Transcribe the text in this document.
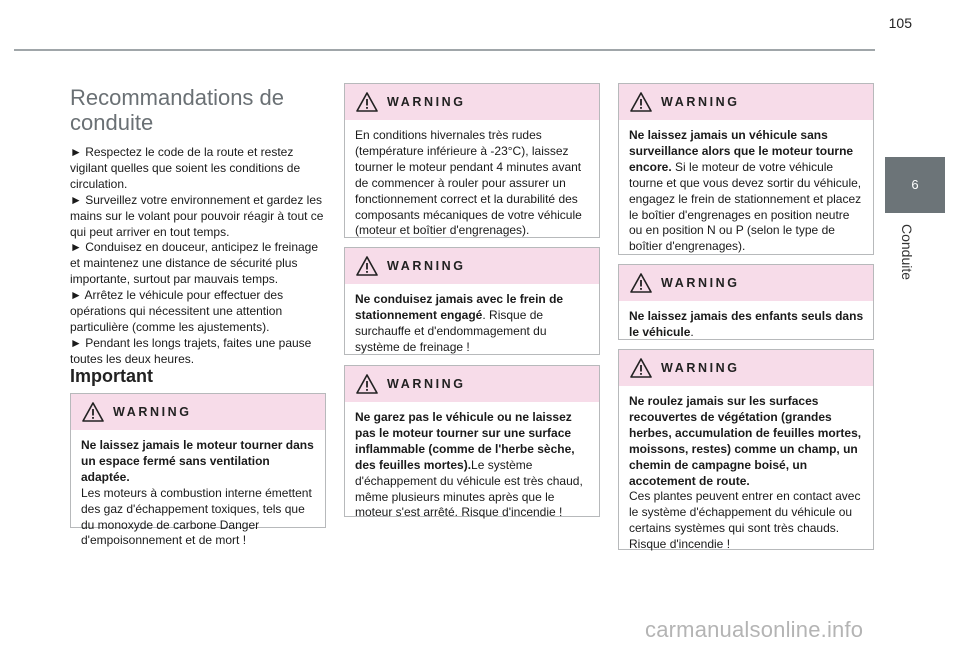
105
6
Conduite
Recommandations de conduite

► Respectez le code de la route et restez vigilant quelles que soient les conditions de circulation.

► Surveillez votre environnement et gardez les mains sur le volant pour pouvoir réagir à tout ce qui peut arriver en tout temps.

► Conduisez en douceur, anticipez le freinage et maintenez une distance de sécurité plus importante, surtout par mauvais temps.

► Arrêtez le véhicule pour effectuer des opérations qui nécessitent une attention particulière (comme les ajustements).

► Pendant les longs trajets, faites une pause toutes les deux heures.

Important
WARNING

Ne laissez jamais le moteur tourner dans un espace fermé sans ventilation adaptée.
Les moteurs à combustion interne émettent des gaz d'échappement toxiques, tels que du monoxyde de carbone Danger d'empoisonnement et de mort !

WARNING

En conditions hivernales très rudes (température inférieure à -23°C), laissez tourner le moteur pendant 4 minutes avant de commencer à rouler pour assurer un fonctionnement correct et la durabilité des composants mécaniques de votre véhicule (moteur et boîtier d'engrenages).

WARNING

Ne conduisez jamais avec le frein de stationnement engagé. Risque de surchauffe et d'endommagement du système de freinage !

WARNING

Ne garez pas le véhicule ou ne laissez pas le moteur tourner sur une surface inflammable (comme de l'herbe sèche, des feuilles mortes).Le système d'échappement du véhicule est très chaud, même plusieurs minutes après que le moteur s'est arrêté. Risque d'incendie !

WARNING

Ne laissez jamais un véhicule sans surveillance alors que le moteur tourne encore. Si le moteur de votre véhicule tourne et que vous devez sortir du véhicule, engagez le frein de stationnement et placez le boîtier d'engrenages en position neutre ou en position N ou P (selon le type de boîtier d'engrenages).

WARNING

Ne laissez jamais des enfants seuls dans le véhicule.

WARNING

Ne roulez jamais sur les surfaces recouvertes de végétation (grandes herbes, accumulation de feuilles mortes, moissons, restes) comme un champ, un chemin de campagne boisé, un accotement de route.
Ces plantes peuvent entrer en contact avec le système d'échappement du véhicule ou certains systèmes qui sont très chauds. Risque d'incendie !

carmanualsonline.info
